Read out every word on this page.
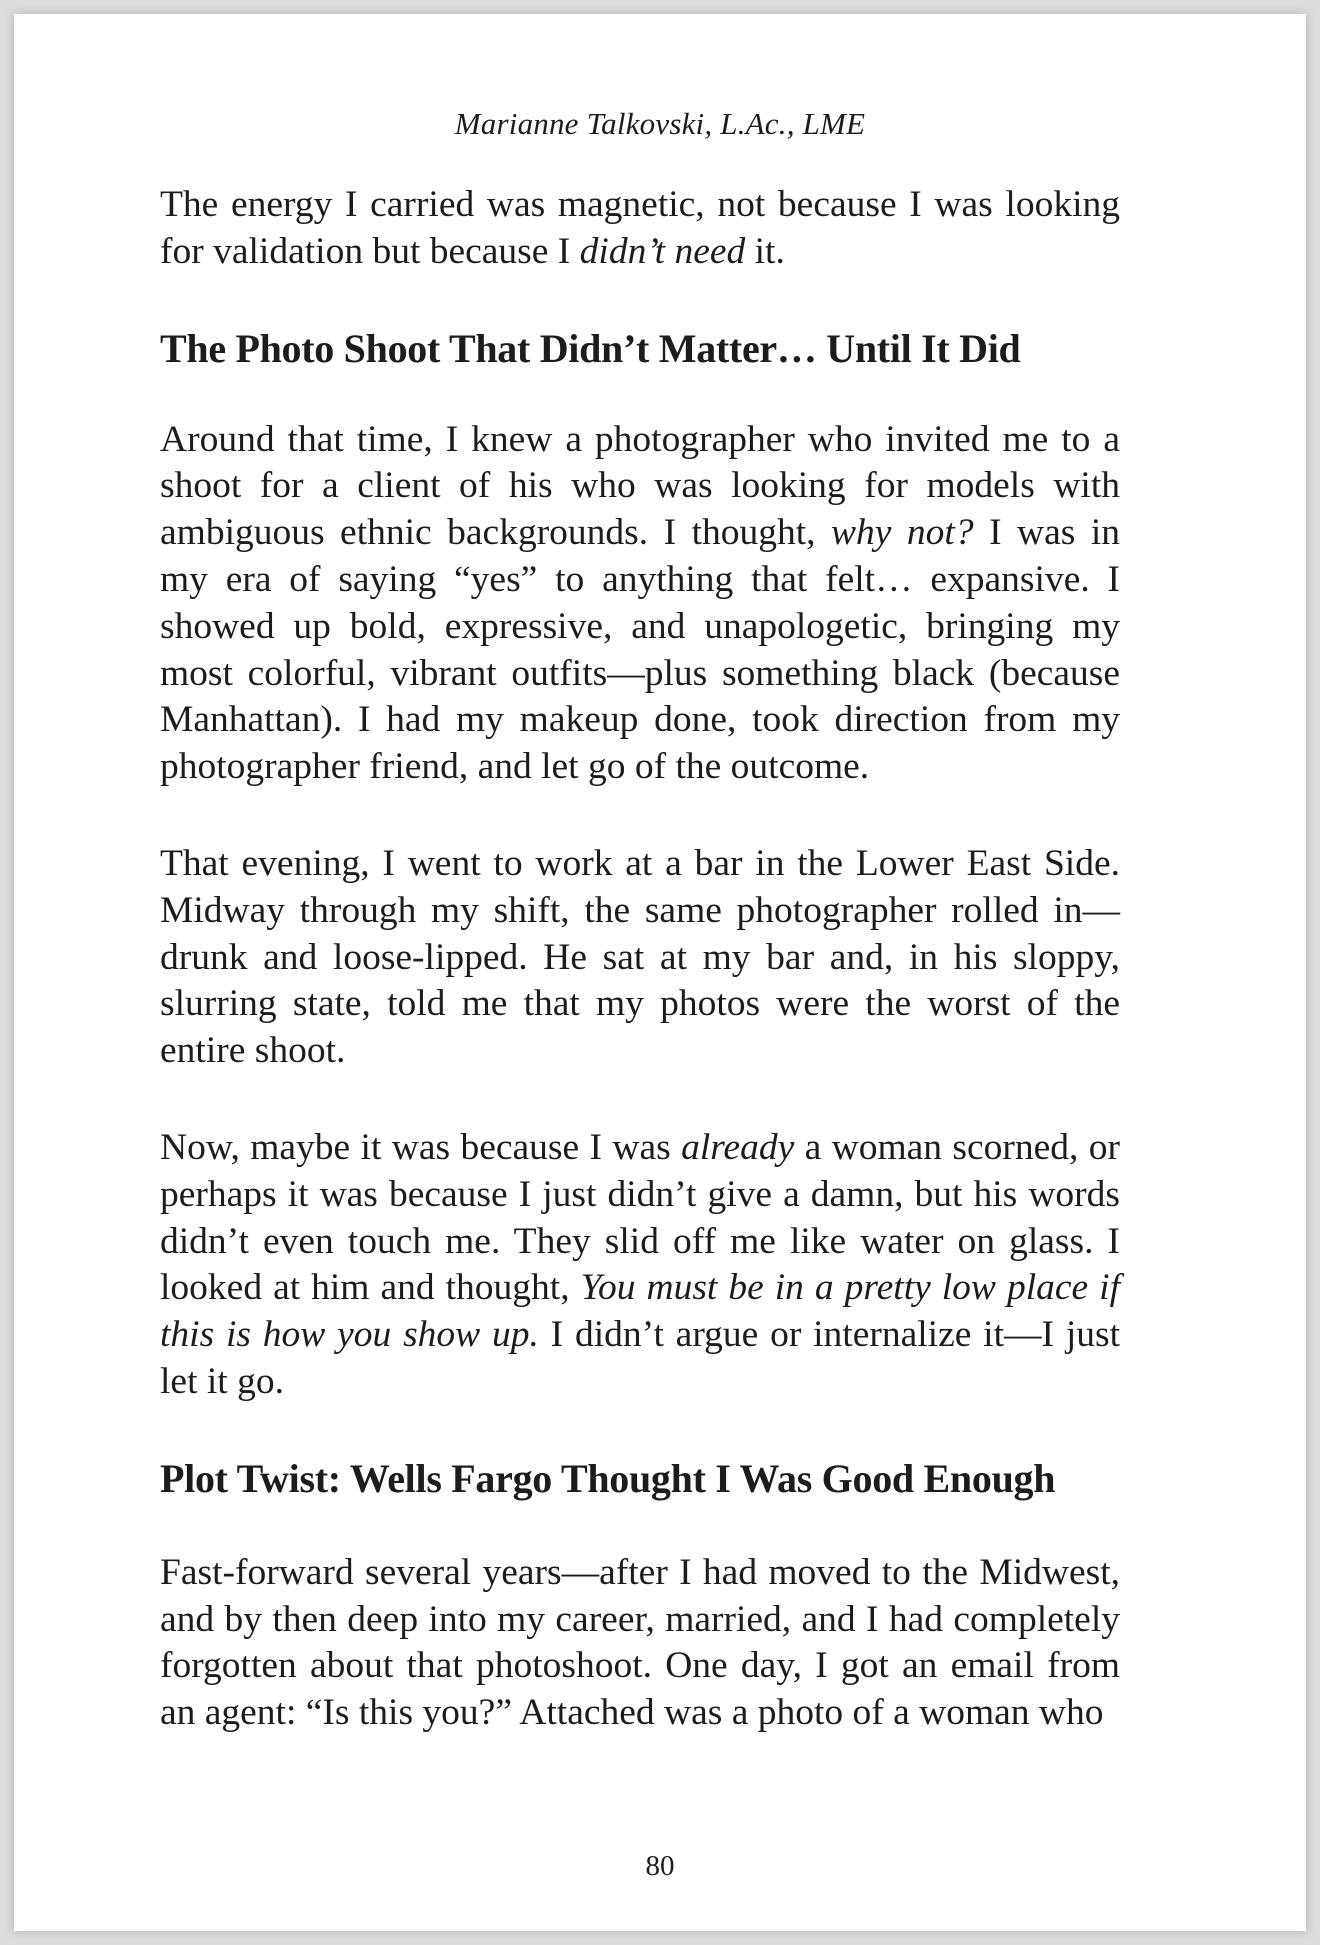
Marianne Talkovski, L.Ac., LME

The energy I carried was magnetic, not because I was looking for validation but because I didn’t need it.

The Photo Shoot That Didn’t Matter… Until It Did

Around that time, I knew a photographer who invited me to a shoot for a client of his who was looking for models with ambiguous ethnic backgrounds. I thought, why not? I was in my era of saying “yes” to anything that felt… expansive. I showed up bold, expressive, and unapologetic, bringing my most colorful, vibrant outfits—plus something black (because Manhattan). I had my makeup done, took direction from my photographer friend, and let go of the outcome.

That evening, I went to work at a bar in the Lower East Side. Midway through my shift, the same photographer rolled in—drunk and loose-lipped. He sat at my bar and, in his sloppy, slurring state, told me that my photos were the worst of the entire shoot.

Now, maybe it was because I was already a woman scorned, or perhaps it was because I just didn’t give a damn, but his words didn’t even touch me. They slid off me like water on glass. I looked at him and thought, You must be in a pretty low place if this is how you show up. I didn’t argue or internalize it—I just let it go.

Plot Twist: Wells Fargo Thought I Was Good Enough

Fast-forward several years—after I had moved to the Midwest, and by then deep into my career, married, and I had completely forgotten about that photoshoot. One day, I got an email from an agent: “Is this you?” Attached was a photo of a woman who

80
